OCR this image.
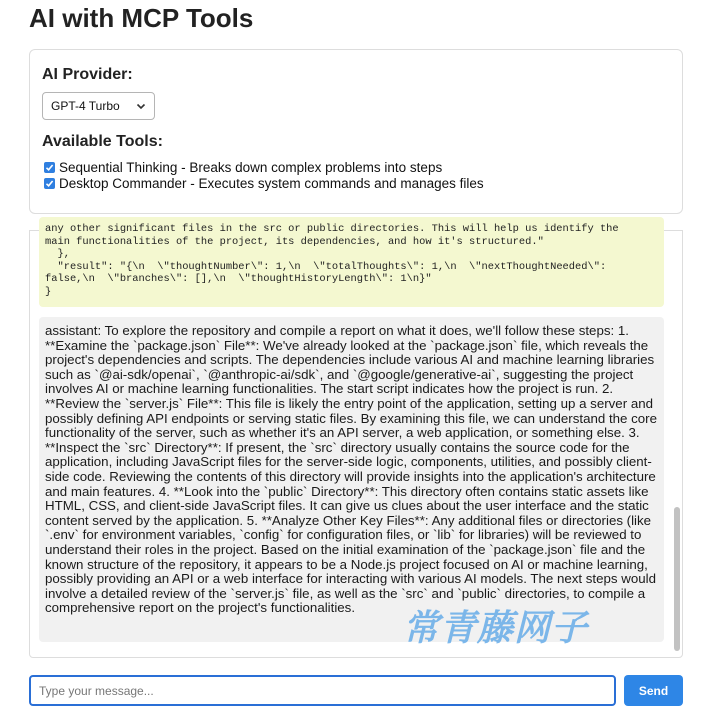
AI with MCP Tools
AI Provider:
GPT-4 Turbo
Available Tools:
Sequential Thinking - Breaks down complex problems into steps
Desktop Commander - Executes system commands and manages files
any other significant files in the src or public directories. This will help us identify the
main functionalities of the project, its dependencies, and how it's structured."
},
"result": "{\n  \"thoughtNumber\": 1,\n  \"totalThoughts\": 1,\n  \"nextThoughtNeeded\":
false,\n  \"branches\": [],\n  \"thoughtHistoryLength\": 1\n}"
}
assistant: To explore the repository and compile a report on what it does, we'll follow these steps: 1. **Examine the `package.json` File**: We've already looked at the `package.json` file, which reveals the project's dependencies and scripts. The dependencies include various AI and machine learning libraries such as `@ai-sdk/openai`, `@anthropic-ai/sdk`, and `@google/generative-ai`, suggesting the project involves AI or machine learning functionalities. The start script indicates how the project is run. 2. **Review the `server.js` File**: This file is likely the entry point of the application, setting up a server and possibly defining API endpoints or serving static files. By examining this file, we can understand the core functionality of the server, such as whether it's an API server, a web application, or something else. 3. **Inspect the `src` Directory**: If present, the `src` directory usually contains the source code for the application, including JavaScript files for the server-side logic, components, utilities, and possibly client-side code. Reviewing the contents of this directory will provide insights into the application's architecture and main features. 4. **Look into the `public` Directory**: This directory often contains static assets like HTML, CSS, and client-side JavaScript files. It can give us clues about the user interface and the static content served by the application. 5. **Analyze Other Key Files**: Any additional files or directories (like `.env` for environment variables, `config` for configuration files, or `lib` for libraries) will be reviewed to understand their roles in the project. Based on the initial examination of the `package.json` file and the known structure of the repository, it appears to be a Node.js project focused on AI or machine learning, possibly providing an API or a web interface for interacting with various AI models. The next steps would involve a detailed review of the `server.js` file, as well as the `src` and `public` directories, to compile a comprehensive report on the project's functionalities.
常青藤网子
Type your message...	Send
